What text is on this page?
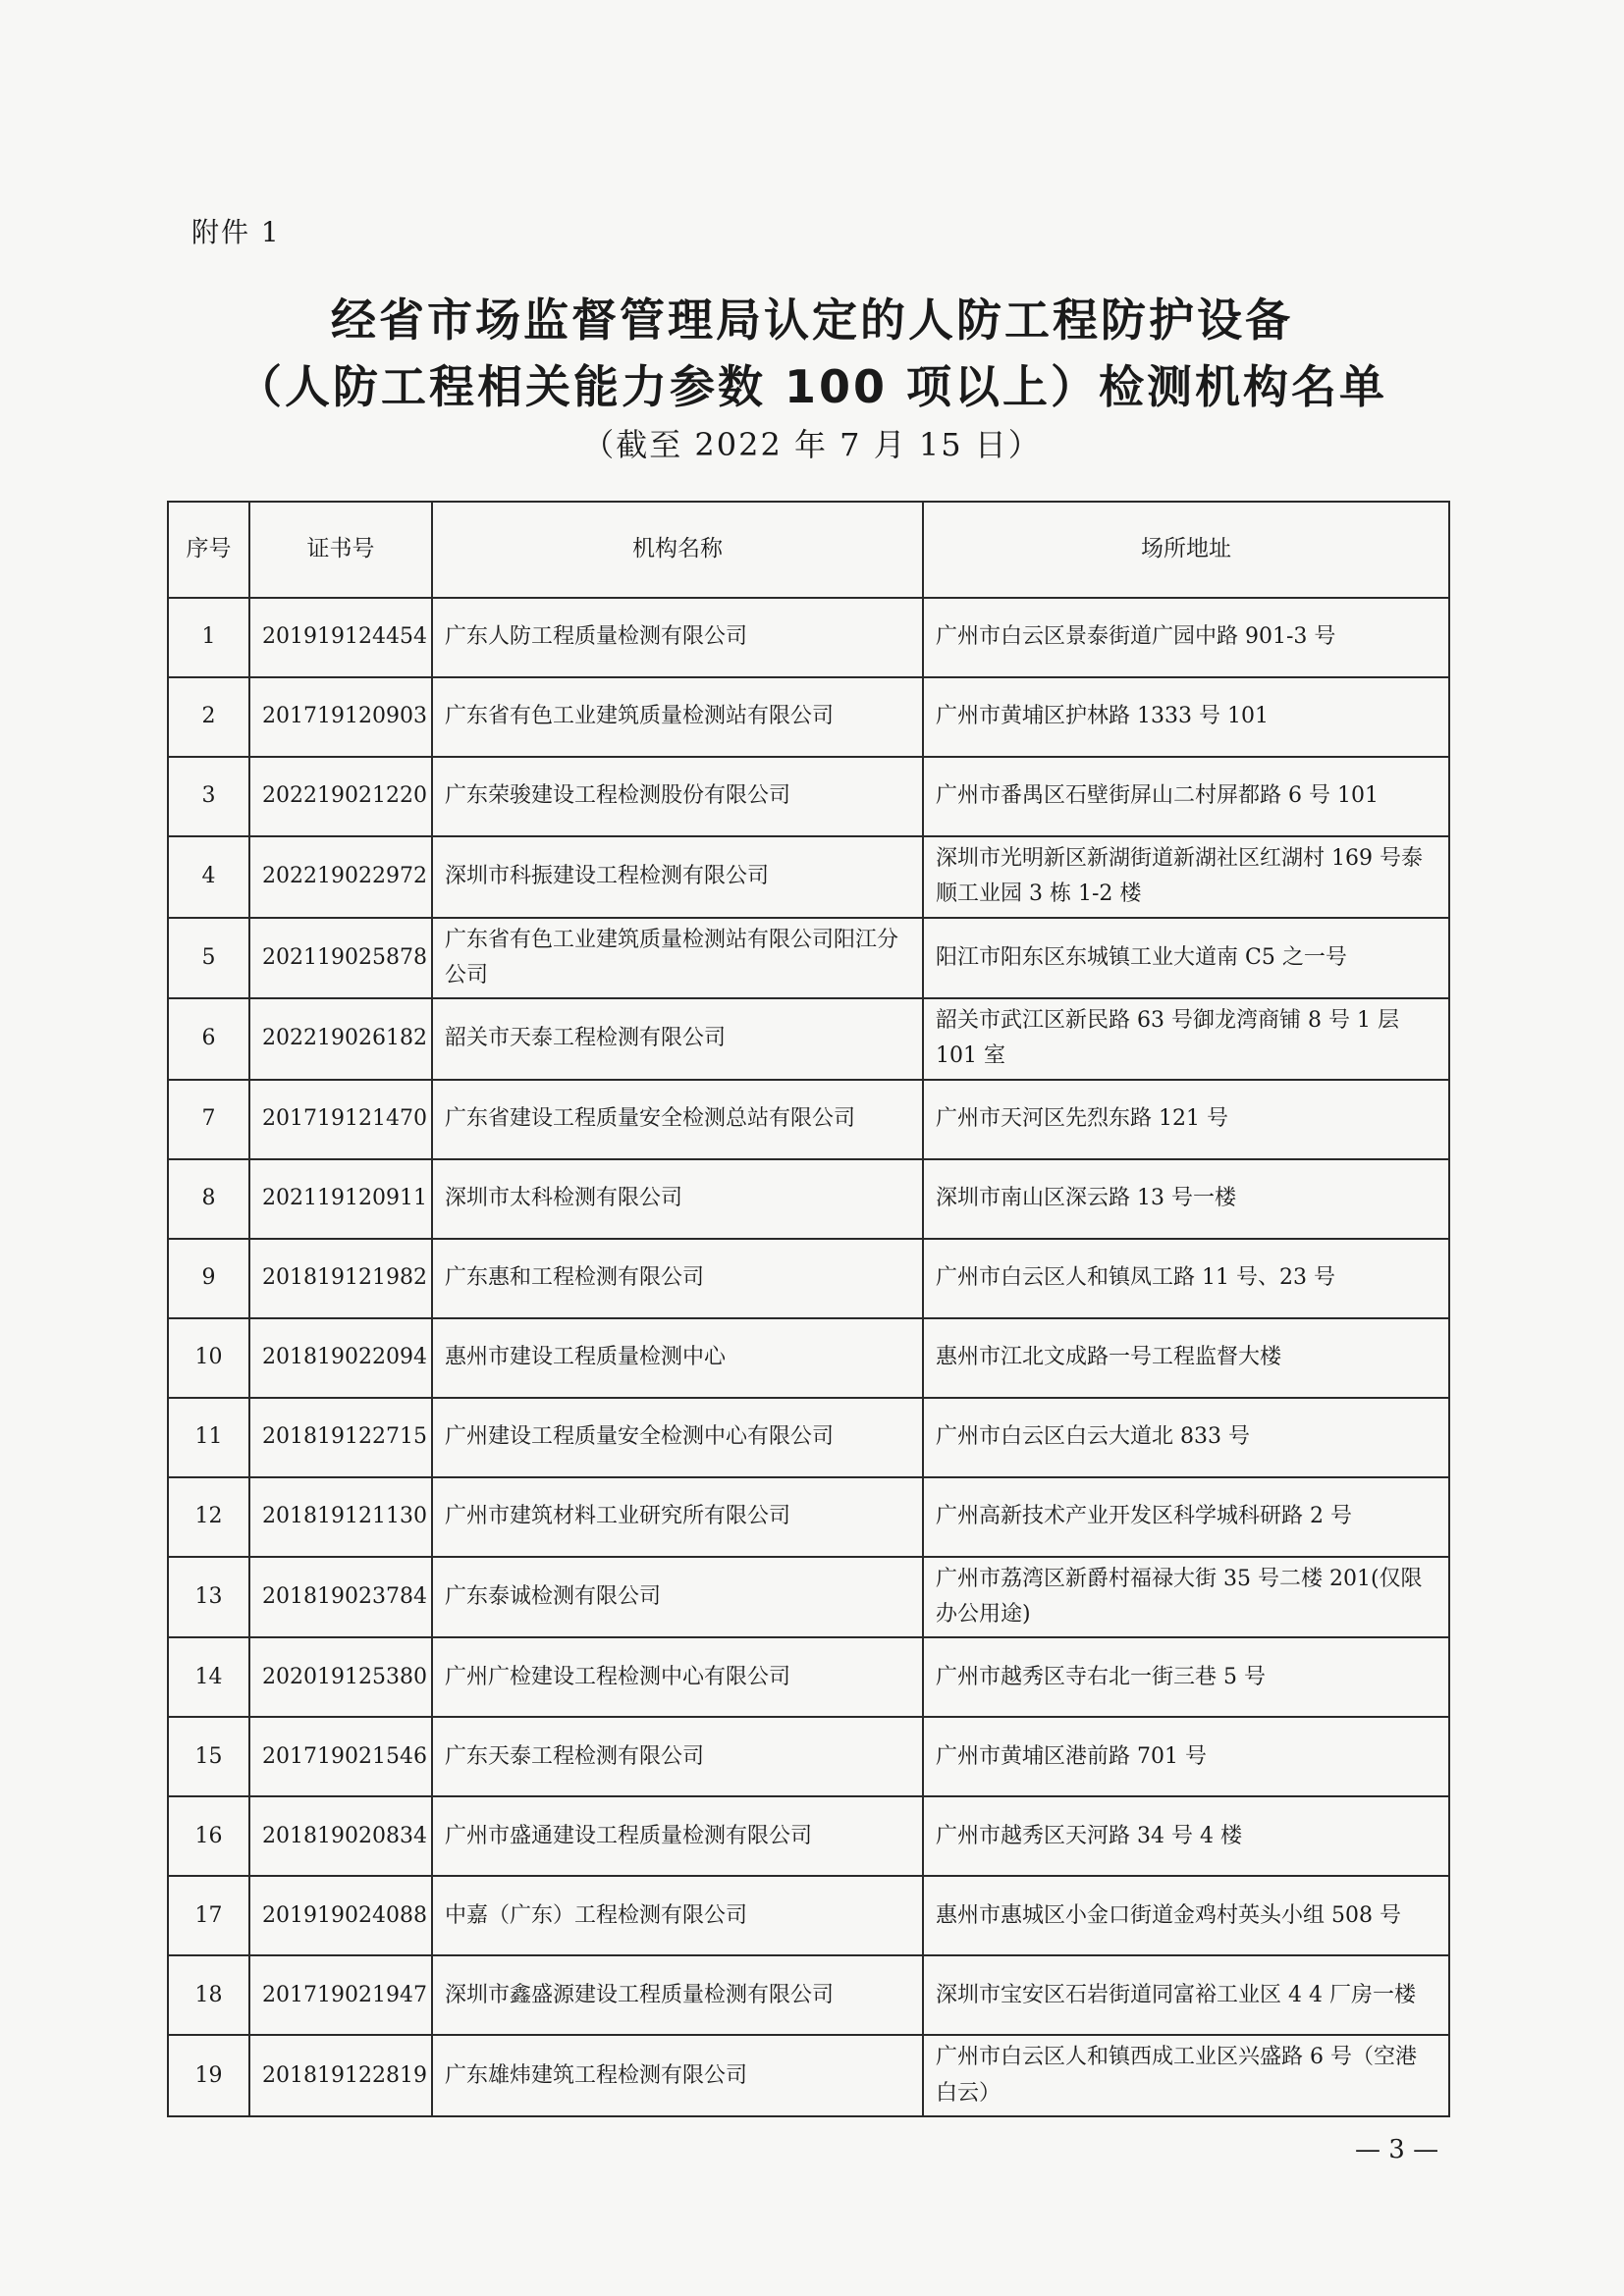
附件 1
经省市场监督管理局认定的人防工程防护设备
（人防工程相关能力参数 100 项以上）检测机构名单
（截至 2022 年 7 月 15 日）
序号	证书号	机构名称	场所地址
1	201919124454	广东人防工程质量检测有限公司	广州市白云区景泰街道广园中路 901-3 号
2	201719120903	广东省有色工业建筑质量检测站有限公司	广州市黄埔区护林路 1333 号 101
3	202219021220	广东荣骏建设工程检测股份有限公司	广州市番禺区石壁街屏山二村屏都路 6 号 101
4	202219022972	深圳市科振建设工程检测有限公司	深圳市光明新区新湖街道新湖社区红湖村 169 号泰顺工业园 3 栋 1-2 楼
5	202119025878	广东省有色工业建筑质量检测站有限公司阳江分公司	阳江市阳东区东城镇工业大道南 C5 之一号
6	202219026182	韶关市天泰工程检测有限公司	韶关市武江区新民路 63 号御龙湾商铺 8 号 1 层 101 室
7	201719121470	广东省建设工程质量安全检测总站有限公司	广州市天河区先烈东路 121 号
8	202119120911	深圳市太科检测有限公司	深圳市南山区深云路 13 号一楼
9	201819121982	广东惠和工程检测有限公司	广州市白云区人和镇凤工路 11 号、23 号
10	201819022094	惠州市建设工程质量检测中心	惠州市江北文成路一号工程监督大楼
11	201819122715	广州建设工程质量安全检测中心有限公司	广州市白云区白云大道北 833 号
12	201819121130	广州市建筑材料工业研究所有限公司	广州高新技术产业开发区科学城科研路 2 号
13	201819023784	广东泰诚检测有限公司	广州市荔湾区新爵村福禄大街 35 号二楼 201(仅限办公用途)
14	202019125380	广州广检建设工程检测中心有限公司	广州市越秀区寺右北一街三巷 5 号
15	201719021546	广东天泰工程检测有限公司	广州市黄埔区港前路 701 号
16	201819020834	广州市盛通建设工程质量检测有限公司	广州市越秀区天河路 34 号 4 楼
17	201919024088	中嘉（广东）工程检测有限公司	惠州市惠城区小金口街道金鸡村英头小组 508 号
18	201719021947	深圳市鑫盛源建设工程质量检测有限公司	深圳市宝安区石岩街道同富裕工业区 4 4 厂房一楼
19	201819122819	广东雄炜建筑工程检测有限公司	广州市白云区人和镇西成工业区兴盛路 6 号（空港白云）
— 3 —
